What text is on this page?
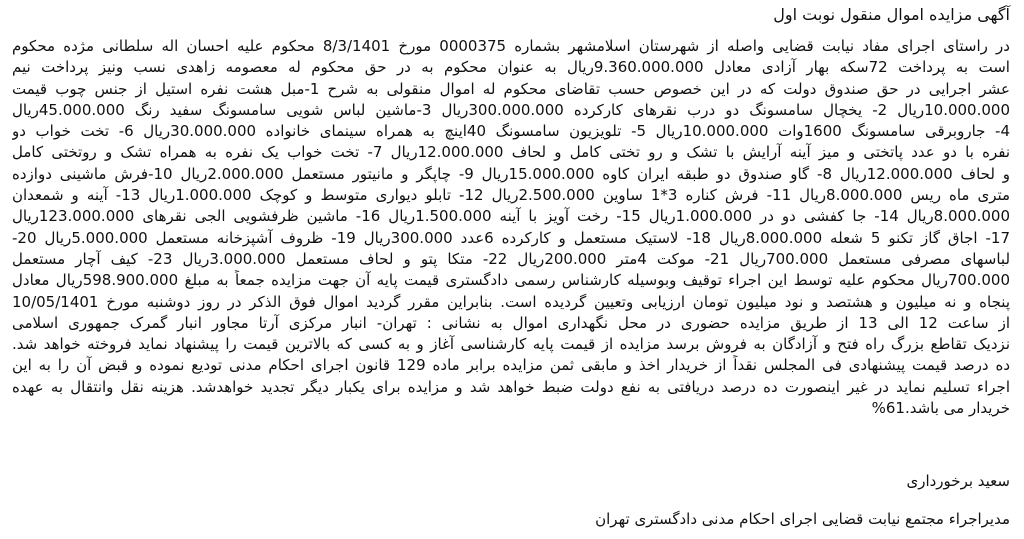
آگهی مزایده اموال منقول نوبت اول
در راستای اجرای مفاد نیابت قضایی واصله از شهرستان اسلامشهر بشماره 0000375 مورخ 8/3/1401 محکوم علیه احسان اله سلطانی مژده محکوم
است به پرداخت 72سکه بهار آزادی معادل 9.360.000.000ریال به عنوان محکوم به در حق محکوم له معصومه زاهدی نسب ونیز پرداخت نیم
عشر اجرایی در حق صندوق دولت که در این خصوص حسب تقاضای محکوم له اموال منقولی به شرح 1-مبل هشت نفره استیل از جنس چوب قیمت
10.000.000ریال 2- یخچال سامسونگ دو درب نقرهای کارکرده 300.000.000ریال 3-ماشین لباس شویی سامسونگ سفید رنگ 45.000.000ریال
4- جاروبرقی سامسونگ 1600وات 10.000.000ریال 5- تلویزیون سامسونگ 40اینچ به همراه سینمای خانواده 30.000.000ریال 6- تخت خواب دو
نفره با دو عدد پاتختی و میز آینه آرایش با تشک و رو تختی کامل و لحاف 12.000.000ریال 7- تخت خواب یک نفره به همراه تشک و روتختی کامل
و لحاف 12.000.000ریال 8- گاو صندوق دو طبقه ایران کاوه 15.000.000ریال 9- چاپگر و مانیتور مستعمل 2.000.000ریال 10-فرش ماشینی دوازده
متری ماه ریس 8.000.000ریال 11- فرش کناره 3*1 ساوین 2.500.000ریال 12- تابلو دیواری متوسط و کوچک 1.000.000ریال 13- آینه و شمعدان
8.000.000ریال 14- جا کفشی دو در 1.000.000ریال 15- رخت آویز با آینه 1.500.000ریال 16- ماشین ظرفشویی الجی نقرهای 123.000.000ریال
17- اجاق گاز تکنو 5 شعله 8.000.000ریال 18- لاستیک مستعمل و کارکرده 6عدد 300.000ریال 19- ظروف آشپزخانه مستعمل 5.000.000ریال 20-
لباسهای مصرفی مستعمل 700.000ریال 21- موکت 4متر 200.000ریال 22- متکا پتو و لحاف مستعمل 3.000.000ریال 23- کیف آچار مستعمل
700.000ریال محکوم علیه توسط این اجراء توقیف وبوسیله کارشناس رسمی دادگستری قیمت پایه آن جهت مزایده جمعاً به مبلغ 598.900.000ریال معادل
پنجاه و نه میلیون و هشتصد و نود میلیون تومان ارزیابی وتعیین گردیده است. بنابراین مقرر گردید اموال فوق الذکر در روز دوشنبه مورخ 10/05/1401
از ساعت 12 الی 13 از طریق مزایده حضوری در محل نگهداری اموال به نشانی : تهران- انبار مرکزی آرتا مجاور انبار گمرک جمهوری اسلامی
نزدیک تقاطع بزرگ راه فتح و آزادگان به فروش برسد مزایده از قیمت پایه کارشناسی آغاز و به کسی که بالاترین قیمت را پیشنهاد نماید فروخته خواهد شد.
ده درصد قیمت پیشنهادی فی المجلس نقداً از خریدار اخذ و مابقی ثمن مزایده برابر ماده 129 قانون اجرای احکام مدنی تودیع نموده و قبض آن را به این
اجراء تسلیم نماید در غیر اینصورت ده درصد دریافتی به نفع دولت ضبط خواهد شد و مزایده برای یکبار دیگر تجدید خواهدشد. هزینه نقل وانتقال به عهده
خریدار می باشد.61%
سعید برخورداری
مدیراجراء مجتمع نیابت قضایی اجرای احکام مدنی دادگستری تهران
